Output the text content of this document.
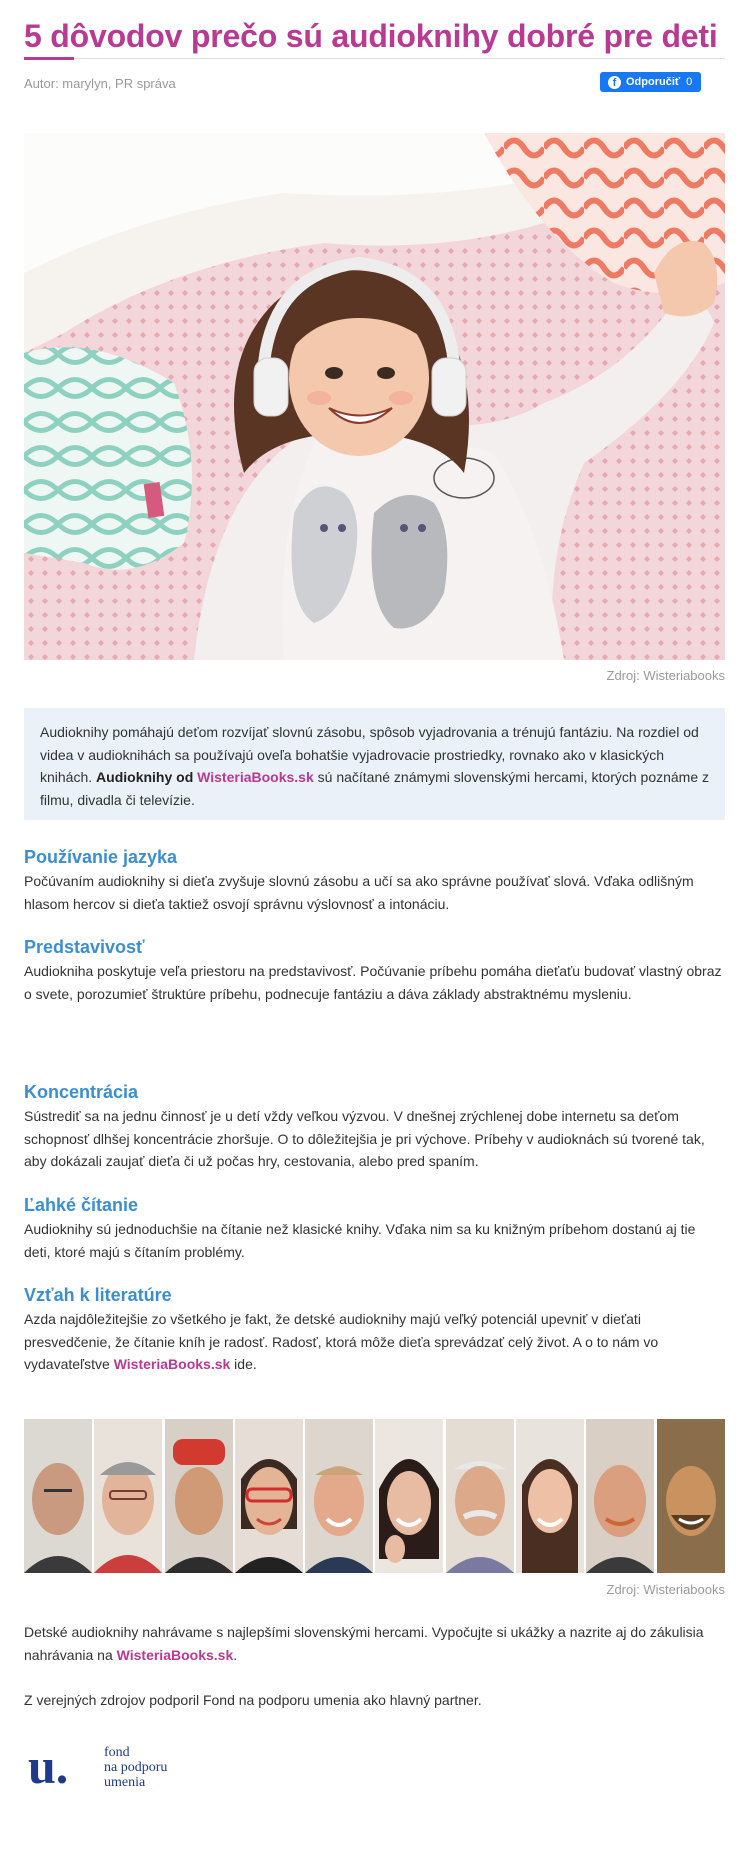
5 dôvodov prečo sú audioknihy dobré pre deti
Autor: marylyn, PR správa	f Odporučiť 0
Zdroj: Wisteriabooks
Audioknihy pomáhajú deťom rozvíjať slovnú zásobu, spôsob vyjadrovania a trénujú fantáziu. Na rozdiel od videa v audioknihách sa používajú oveľa bohatšie vyjadrovacie prostriedky, rovnako ako v klasických knihách. Audioknihy od WisteriaBooks.sk sú načítané známymi slovenskými hercami, ktorých poznáme z filmu, divadla či televízie.
Používanie jazyka

Počúvaním audioknihy si dieťa zvyšuje slovnú zásobu a učí sa ako správne používať slová. Vďaka odlišným hlasom hercov si dieťa taktiež osvojí správnu výslovnosť a intonáciu.

Predstavivosť

Audiokniha poskytuje veľa priestoru na predstavivosť. Počúvanie príbehu pomáha dieťaťu budovať vlastný obraz o svete, porozumieť štruktúre príbehu, podnecuje fantáziu a dáva základy abstraktnému mysleniu.

Koncentrácia

Sústrediť sa na jednu činnosť je u detí vždy veľkou výzvou. V dnešnej zrýchlenej dobe internetu sa deťom schopnosť dlhšej koncentrácie zhoršuje. O to dôležitejšia je pri výchove. Príbehy v audioknách sú tvorené tak, aby dokázali zaujať dieťa či už počas hry, cestovania, alebo pred spaním.

Ľahké čítanie

Audioknihy sú jednoduchšie na čítanie než klasické knihy. Vďaka nim sa ku knižným príbehom dostanú aj tie deti, ktoré majú s čítaním problémy.

Vzťah k literatúre

Azda najdôležitejšie zo všetkého je fakt, že detské audioknihy majú veľký potenciál upevniť v dieťati presvedčenie, že čítanie kníh je radosť. Radosť, ktorá môže dieťa sprevádzať celý život. A o to nám vo vydavateľstve WisteriaBooks.sk ide.

Zdroj: Wisteriabooks

Detské audioknihy nahrávame s najlepšími slovenskými hercami. Vypočujte si ukážky a nazrite aj do zákulisia nahrávania na WisteriaBooks.sk.

Z verejných zdrojov podporil Fond na podporu umenia ako hlavný partner.

u.	fond
na podporu
umenia
